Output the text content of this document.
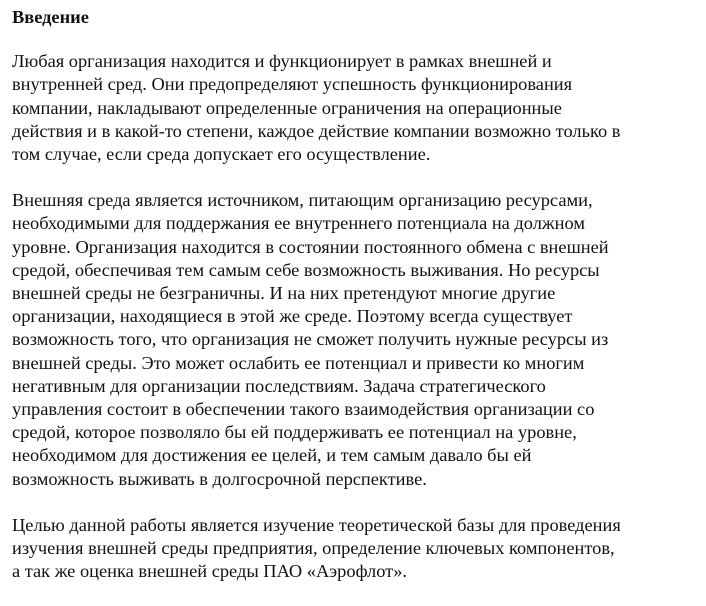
Введение
Любая организация находится и функционирует в рамках внешней и
внутренней сред. Они предопределяют успешность функционирования
компании, накладывают определенные ограничения на операционные
действия и в какой-то степени, каждое действие компании возможно только в
том случае, если среда допускает его осуществление.
Внешняя среда является источником, питающим организацию ресурсами,
необходимыми для поддержания ее внутреннего потенциала на должном
уровне. Организация находится в состоянии постоянного обмена с внешней
средой, обеспечивая тем самым себе возможность выживания. Но ресурсы
внешней среды не безграничны. И на них претендуют многие другие
организации, находящиеся в этой же среде. Поэтому всегда существует
возможность того, что организация не сможет получить нужные ресурсы из
внешней среды. Это может ослабить ее потенциал и привести ко многим
негативным для организации последствиям. Задача стратегического
управления состоит в обеспечении такого взаимодействия организации со
средой, которое позволяло бы ей поддерживать ее потенциал на уровне,
необходимом для достижения ее целей, и тем самым давало бы ей
возможность выживать в долгосрочной перспективе.
Целью данной работы является изучение теоретической базы для проведения
изучения внешней среды предприятия, определение ключевых компонентов,
а так же оценка внешней среды ПАО «Аэрофлот».
